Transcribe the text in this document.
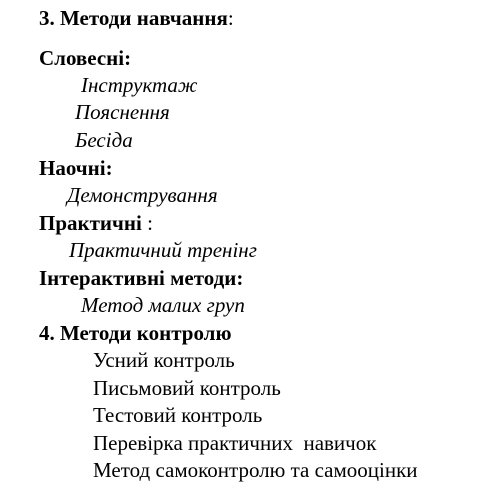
3. Методи навчання:
Словесні:
Інструктаж
Пояснення
Бесіда
Наочні:
Демонстрування
Практичні :
Практичний тренінг
Інтерактивні методи:
Метод малих груп
4. Методи контролю
Усний контроль
Письмовий контроль
Тестовий контроль
Перевірка практичних  навичок
Метод самоконтролю та самооцінки
